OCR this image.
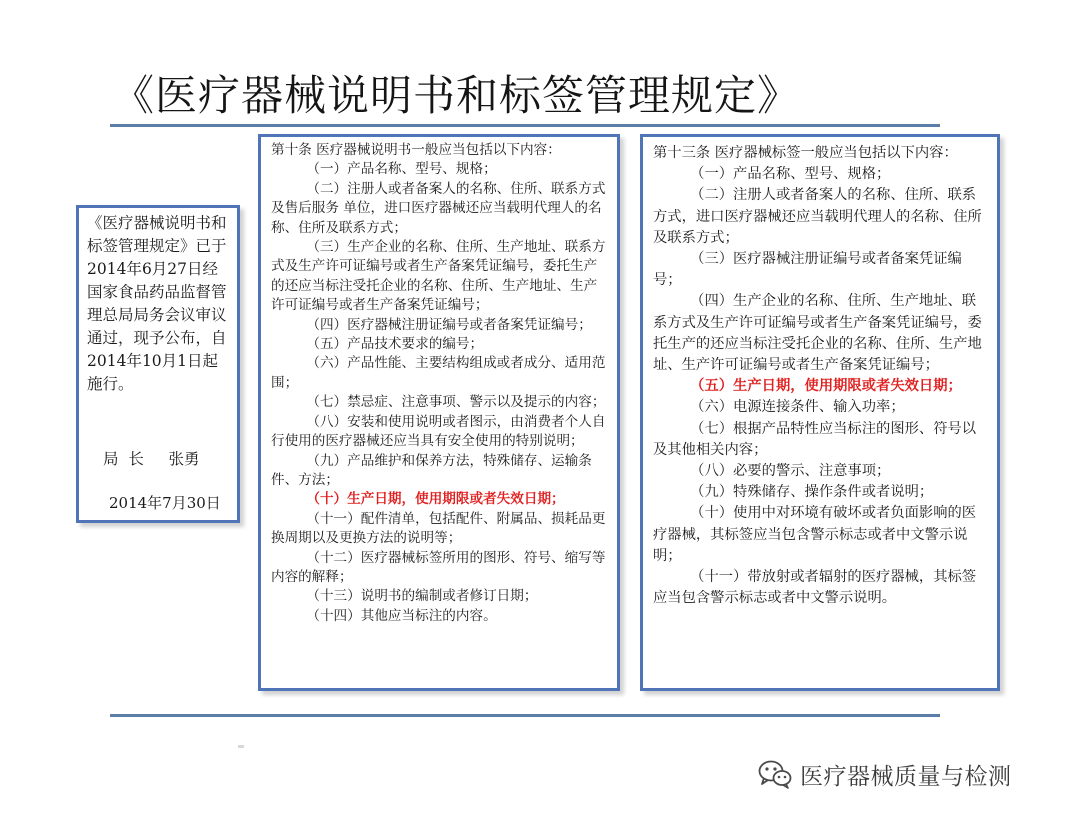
《医疗器械说明书和标签管理规定》
《医疗器械说明书和标签管理规定》已于2014年6月27日经国家食品药品监督管理总局局务会议审议通过，现予公布，自2014年10月1日起施行。
局  长     张勇
2014年7月30日

第十条 医疗器械说明书一般应当包括以下内容：

（一）产品名称、型号、规格；

（二）注册人或者备案人的名称、住所、联系方式及售后服务 单位，进口医疗器械还应当载明代理人的名称、住所及联系方式；

（三）生产企业的名称、住所、生产地址、联系方式及生产许可证编号或者生产备案凭证编号，委托生产的还应当标注受托企业的名称、住所、生产地址、生产许可证编号或者生产备案凭证编号；

（四）医疗器械注册证编号或者备案凭证编号；

（五）产品技术要求的编号；

（六）产品性能、主要结构组成或者成分、适用范围；

（七）禁忌症、注意事项、警示以及提示的内容；

（八）安装和使用说明或者图示，由消费者个人自行使用的医疗器械还应当具有安全使用的特别说明；

（九）产品维护和保养方法，特殊储存、运输条件、方法；

（十）生产日期，使用期限或者失效日期；

（十一）配件清单，包括配件、附属品、损耗品更换周期以及更换方法的说明等；

（十二）医疗器械标签所用的图形、符号、缩写等内容的解释；

（十三）说明书的编制或者修订日期；

（十四）其他应当标注的内容。

第十三条 医疗器械标签一般应当包括以下内容：

（一）产品名称、型号、规格；

（二）注册人或者备案人的名称、住所、联系方式，进口医疗器械还应当载明代理人的名称、住所及联系方式；

（三）医疗器械注册证编号或者备案凭证编号；

（四）生产企业的名称、住所、生产地址、联系方式及生产许可证编号或者生产备案凭证编号，委托生产的还应当标注受托企业的名称、住所、生产地址、生产许可证编号或者生产备案凭证编号；

（五）生产日期，使用期限或者失效日期；

（六）电源连接条件、输入功率；

（七）根据产品特性应当标注的图形、符号以及其他相关内容；

（八）必要的警示、注意事项；

（九）特殊储存、操作条件或者说明；

（十）使用中对环境有破坏或者负面影响的医疗器械，其标签应当包含警示标志或者中文警示说明；

（十一）带放射或者辐射的医疗器械，其标签应当包含警示标志或者中文警示说明。

医疗器械质量与检测
